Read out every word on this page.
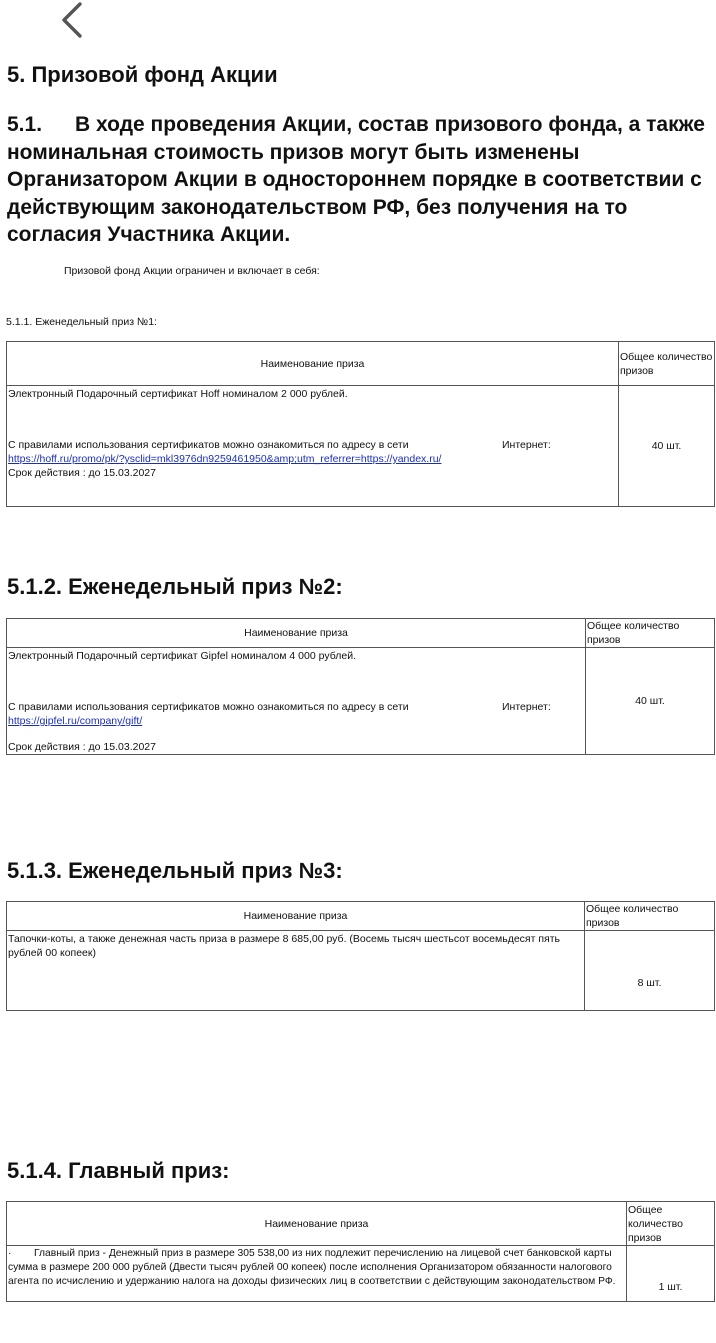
5. Призовой фонд Акции

5.1. В ходе проведения Акции, состав призового фонда, а также номинальная стоимость призов могут быть изменены Организатором Акции в одностороннем порядке в соответствии с действующим законодательством РФ, без получения на то согласия Участника Акции.

Призовой фонд Акции ограничен и включает в себя:
5.1.1. Еженедельный приз №1:
Наименование приза	Общее количество призов

Электронный Подарочный сертификат Hoff номиналом 2 000 рублей.
С правилами использования сертификатов можно ознакомиться по адресу в сети Интернет:
https://hoff.ru/promo/pk/?ysclid=mkl3976dn9259461950&amp;utm_referrer=https://yandex.ru/
Срок действия : до 15.03.2027	40 шт.
5.1.2. Еженедельный приз №2:
Наименование приза	Общее количество призов

Электронный Подарочный сертификат Gipfel номиналом 4 000 рублей.
С правилами использования сертификатов можно ознакомиться по адресу в сети Интернет:
https://gipfel.ru/company/gift/
Срок действия : до 15.03.2027	40 шт.
5.1.3. Еженедельный приз №3:
Наименование приза	Общее количество призов

Тапочки-коты, а также денежная часть приза в размере 8 685,00 руб. (Восемь тысяч шестьсот восемьдесят пять рублей 00 копеек)	8 шт.
5.1.4. Главный приз:
Наименование приза	Общее количество призов

· Главный приз - Денежный приз в размере 305 538,00 из них подлежит перечислению на лицевой счет банковской карты сумма в размере 200 000 рублей (Двести тысяч рублей 00 копеек) после исполнения Организатором обязанности налогового агента по исчислению и удержанию налога на доходы физических лиц в соответствии с действующим законодательством РФ.	1 шт.
